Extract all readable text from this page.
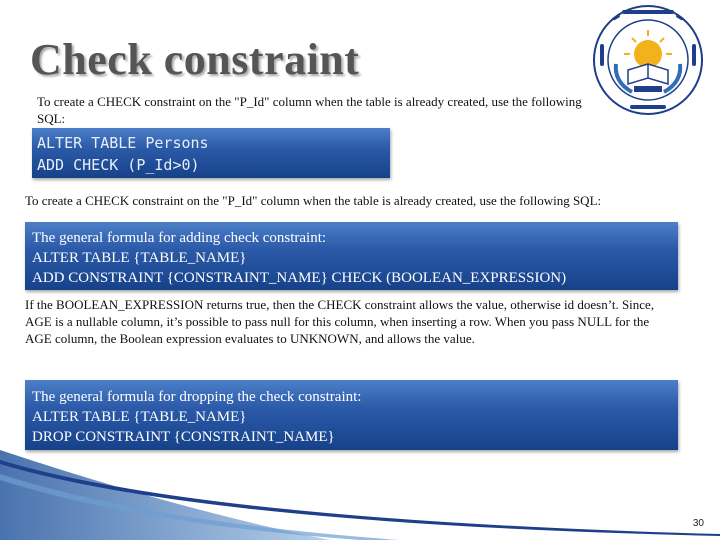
Check constraint

To create a CHECK constraint on the "P_Id" column when the table is already created, use the following SQL:

ALTER TABLE Persons
ADD CHECK (P_Id>0)

To create a CHECK constraint on the "P_Id" column when the table is already created, use the following SQL:

The general formula for adding check constraint:
ALTER TABLE {TABLE_NAME}
ADD CONSTRAINT {CONSTRAINT_NAME} CHECK (BOOLEAN_EXPRESSION)

If the BOOLEAN_EXPRESSION returns true, then the CHECK constraint allows the value, otherwise id doesn’t. Since, AGE is a nullable column, it’s possible to pass null for this column, when inserting a row. When you pass NULL for the AGE column, the Boolean expression evaluates to UNKNOWN, and allows the value.

The general formula for dropping the check constraint:
ALTER TABLE {TABLE_NAME}
DROP CONSTRAINT {CONSTRAINT_NAME}
30
